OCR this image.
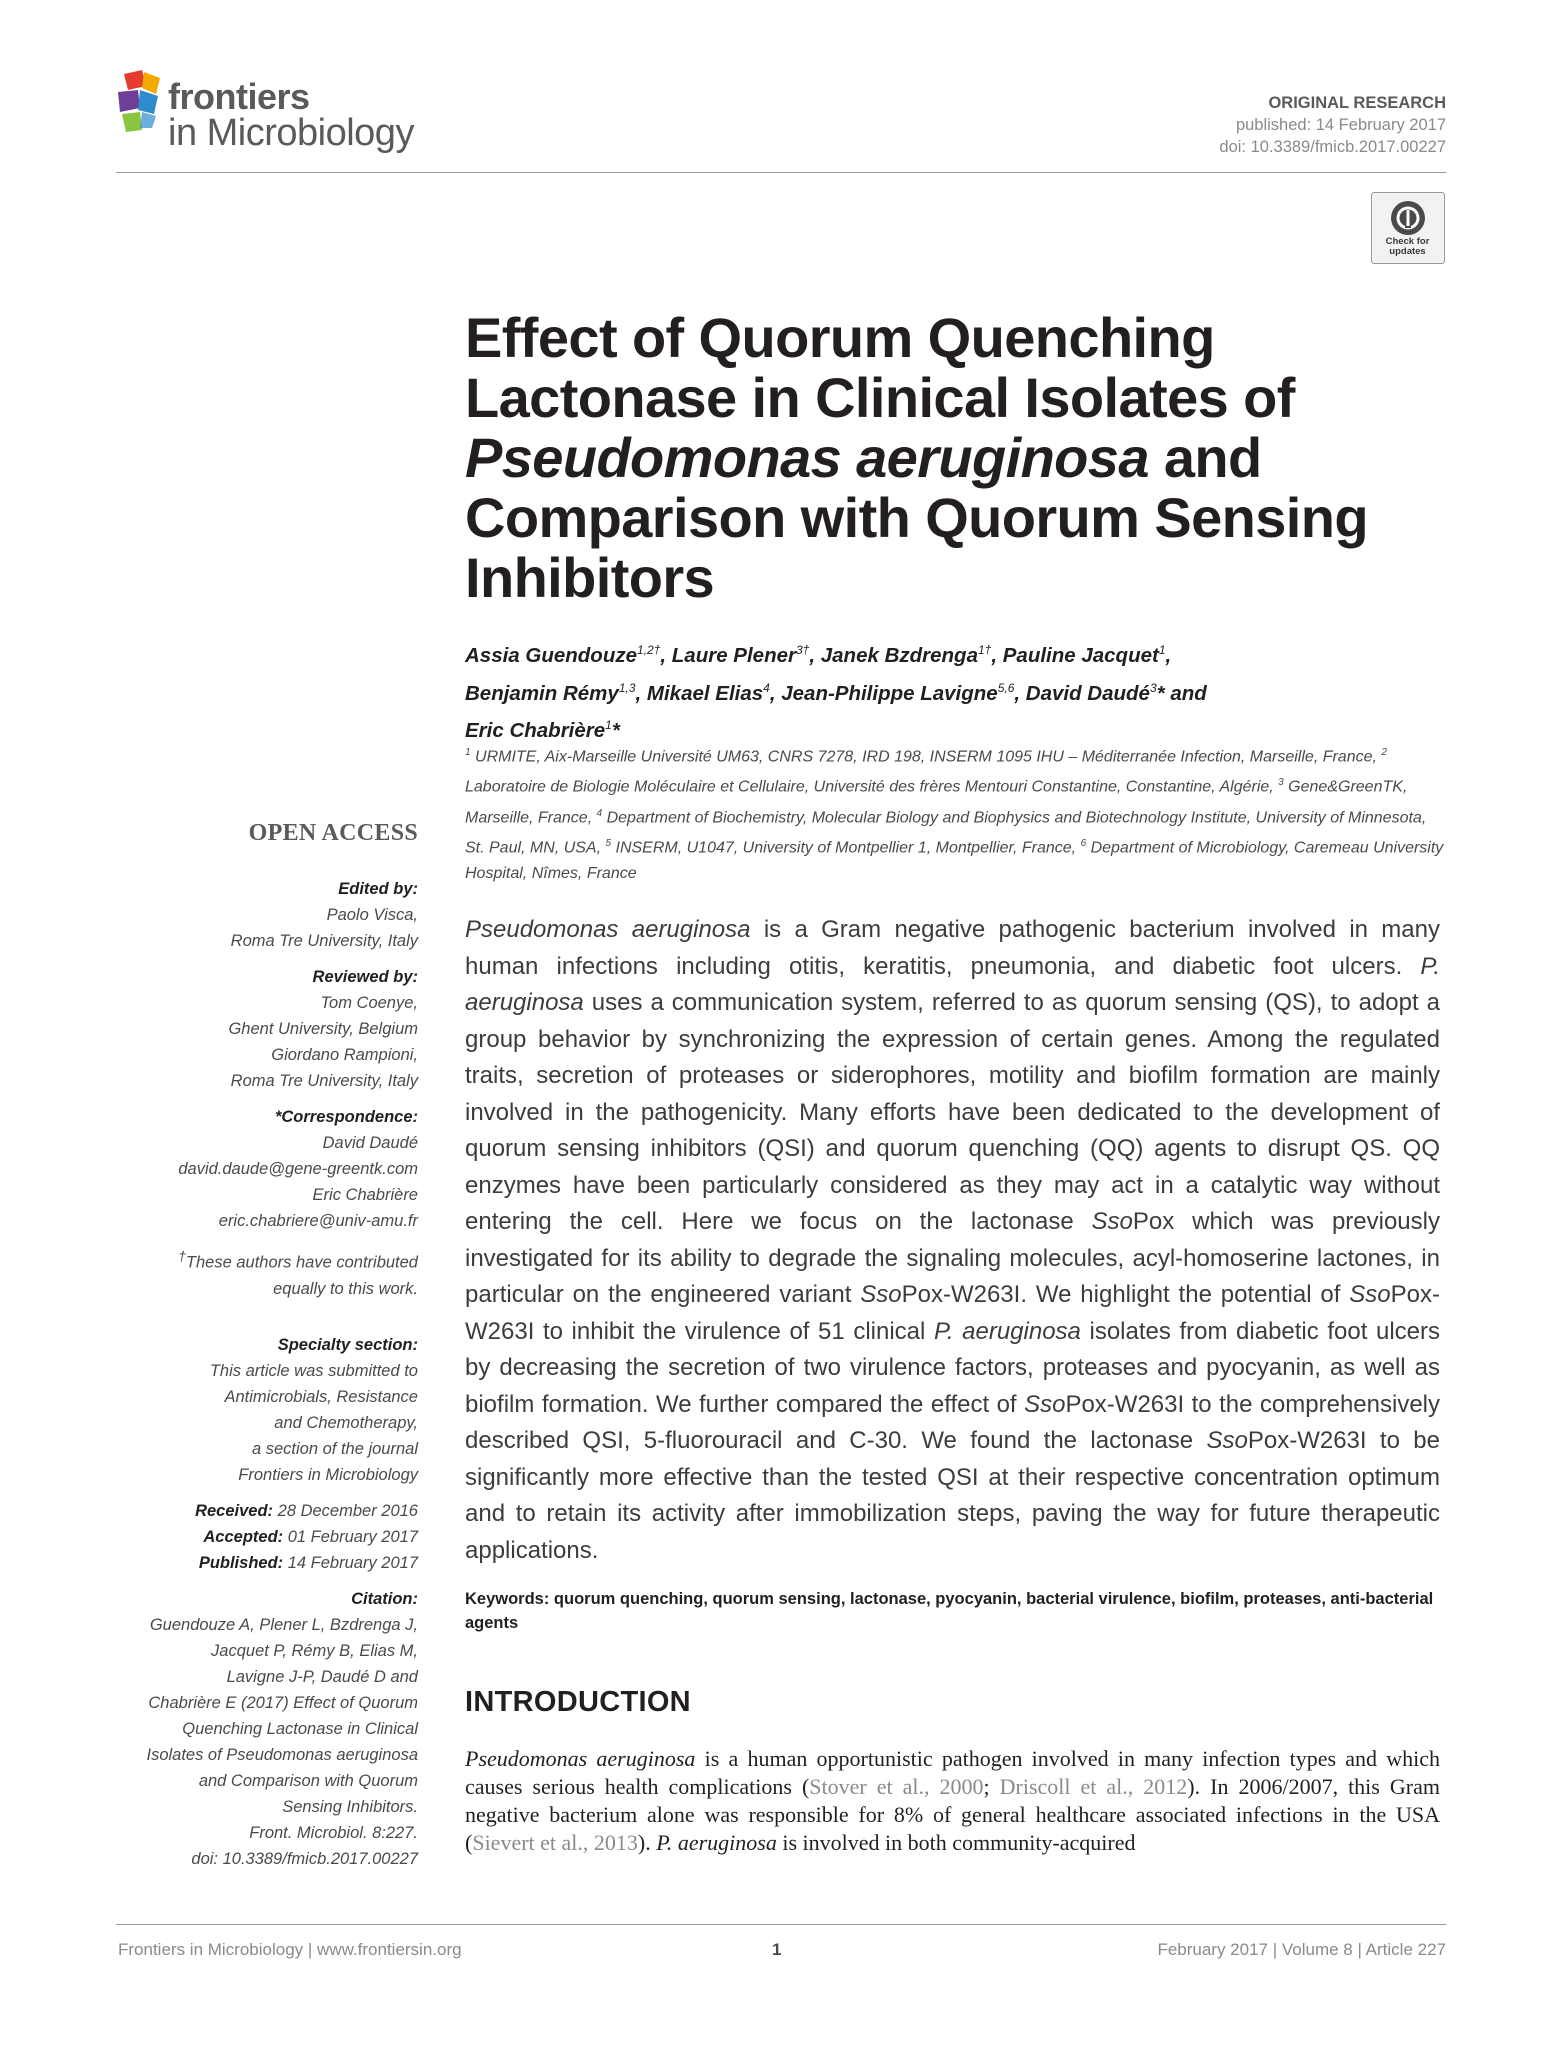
frontiers
in Microbiology
ORIGINAL RESEARCH
published: 14 February 2017
doi: 10.3389/fmicb.2017.00227
Check for updates
Effect of Quorum Quenching
Lactonase in Clinical Isolates of
Pseudomonas aeruginosa and
Comparison with Quorum Sensing
Inhibitors
Assia Guendouze$^{1,2\dagger}$, Laure Plener$^{3\dagger}$, Janek Bzdrenga$^{1\dagger}$, Pauline Jacquet$^1$,
Benjamin Rémy$^{1,3}$, Mikael Elias$^4$, Jean-Philippe Lavigne$^{5,6}$, David Daudé$^3$* and
Eric Chabrière$^1$*
$^1$ URMITE, Aix-Marseille Université UM63, CNRS 7278, IRD 198, INSERM 1095 IHU – Méditerranée Infection, Marseille, France, $^2$ Laboratoire de Biologie Moléculaire et Cellulaire, Université des frères Mentouri Constantine, Constantine, Algérie, $^3$ Gene&GreenTK, Marseille, France, $^4$ Department of Biochemistry, Molecular Biology and Biophysics and Biotechnology Institute, University of Minnesota, St. Paul, MN, USA, $^5$ INSERM, U1047, University of Montpellier 1, Montpellier, France, $^6$ Department of Microbiology, Caremeau University Hospital, Nîmes, France
OPEN ACCESS
Edited by:
Paolo Visca,
Roma Tre University, Italy
Reviewed by:
Tom Coenye,
Ghent University, Belgium
Giordano Rampioni,
Roma Tre University, Italy
*Correspondence:
David Daudé
david.daude@gene-greentk.com
Eric Chabrière
eric.chabriere@univ-amu.fr
†These authors have contributed
equally to this work.
Specialty section:
This article was submitted to
Antimicrobials, Resistance
and Chemotherapy,
a section of the journal
Frontiers in Microbiology
Received: 28 December 2016
Accepted: 01 February 2017
Published: 14 February 2017
Citation:
Guendouze A, Plener L, Bzdrenga J,
Jacquet P, Rémy B, Elias M,
Lavigne J-P, Daudé D and
Chabrière E (2017) Effect of Quorum
Quenching Lactonase in Clinical
Isolates of Pseudomonas aeruginosa
and Comparison with Quorum
Sensing Inhibitors.
Front. Microbiol. 8:227.
doi: 10.3389/fmicb.2017.00227
Pseudomonas aeruginosa is a Gram negative pathogenic bacterium involved in many human infections including otitis, keratitis, pneumonia, and diabetic foot ulcers. P. aeruginosa uses a communication system, referred to as quorum sensing (QS), to adopt a group behavior by synchronizing the expression of certain genes. Among the regulated traits, secretion of proteases or siderophores, motility and biofilm formation are mainly involved in the pathogenicity. Many efforts have been dedicated to the development of quorum sensing inhibitors (QSI) and quorum quenching (QQ) agents to disrupt QS. QQ enzymes have been particularly considered as they may act in a catalytic way without entering the cell. Here we focus on the lactonase SsoPox which was previously investigated for its ability to degrade the signaling molecules, acyl-homoserine lactones, in particular on the engineered variant SsoPox-W263I. We highlight the potential of SsoPox-W263I to inhibit the virulence of 51 clinical P. aeruginosa isolates from diabetic foot ulcers by decreasing the secretion of two virulence factors, proteases and pyocyanin, as well as biofilm formation. We further compared the effect of SsoPox-W263I to the comprehensively described QSI, 5-fluorouracil and C-30. We found the lactonase SsoPox-W263I to be significantly more effective than the tested QSI at their respective concentration optimum and to retain its activity after immobilization steps, paving the way for future therapeutic applications.
Keywords: quorum quenching, quorum sensing, lactonase, pyocyanin, bacterial virulence, biofilm, proteases, anti-bacterial agents
INTRODUCTION
Pseudomonas aeruginosa is a human opportunistic pathogen involved in many infection types and which causes serious health complications (Stover et al., 2000; Driscoll et al., 2012). In 2006/2007, this Gram negative bacterium alone was responsible for 8% of general healthcare associated infections in the USA (Sievert et al., 2013). P. aeruginosa is involved in both community-acquired
Frontiers in Microbiology | www.frontiersin.org	1	February 2017 | Volume 8 | Article 227
